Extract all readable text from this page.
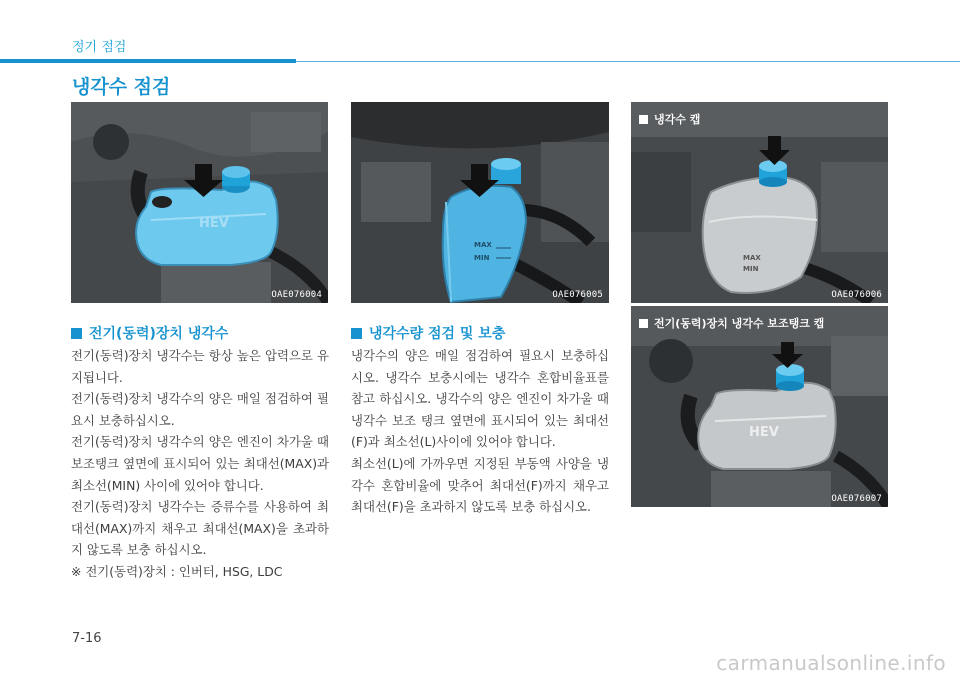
정기 점검
냉각수 점검
HEV
OAE076004
MAX
MIN
OAE076005
MAX
MIN
냉각수 캡
OAE076006
HEV
전기(동력)장치 냉각수 보조탱크 캡
OAE076007
전기(동력)장치 냉각수

전기(동력)장치 냉각수는 항상 높은 압력으로 유지됩니다.

전기(동력)장치 냉각수의 양은 매일 점검하여 필요시 보충하십시오.

전기(동력)장치 냉각수의 양은 엔진이 차가울 때 보조탱크 옆면에 표시되어 있는 최대선(MAX)과 최소선(MIN) 사이에 있어야 합니다.

전기(동력)장치 냉각수는 증류수를 사용하여 최대선(MAX)까지 채우고 최대선(MAX)을 초과하지 않도록 보충 하십시오.

※ 전기(동력)장치 : 인버터, HSG, LDC

냉각수량 점검 및 보충

냉각수의 양은 매일 점검하여 필요시 보충하십시오. 냉각수 보충시에는 냉각수 혼합비율표를 참고 하십시오. 냉각수의 양은 엔진이 차가울 때 냉각수 보조 탱크 옆면에 표시되어 있는 최대선(F)과 최소선(L)사이에 있어야 합니다.

최소선(L)에 가까우면 지정된 부동액 사양을 냉각수 혼합비율에 맞추어 최대선(F)까지 채우고 최대선(F)을 초과하지 않도록 보충 하십시오.

7-16
carmanualsonline.info
